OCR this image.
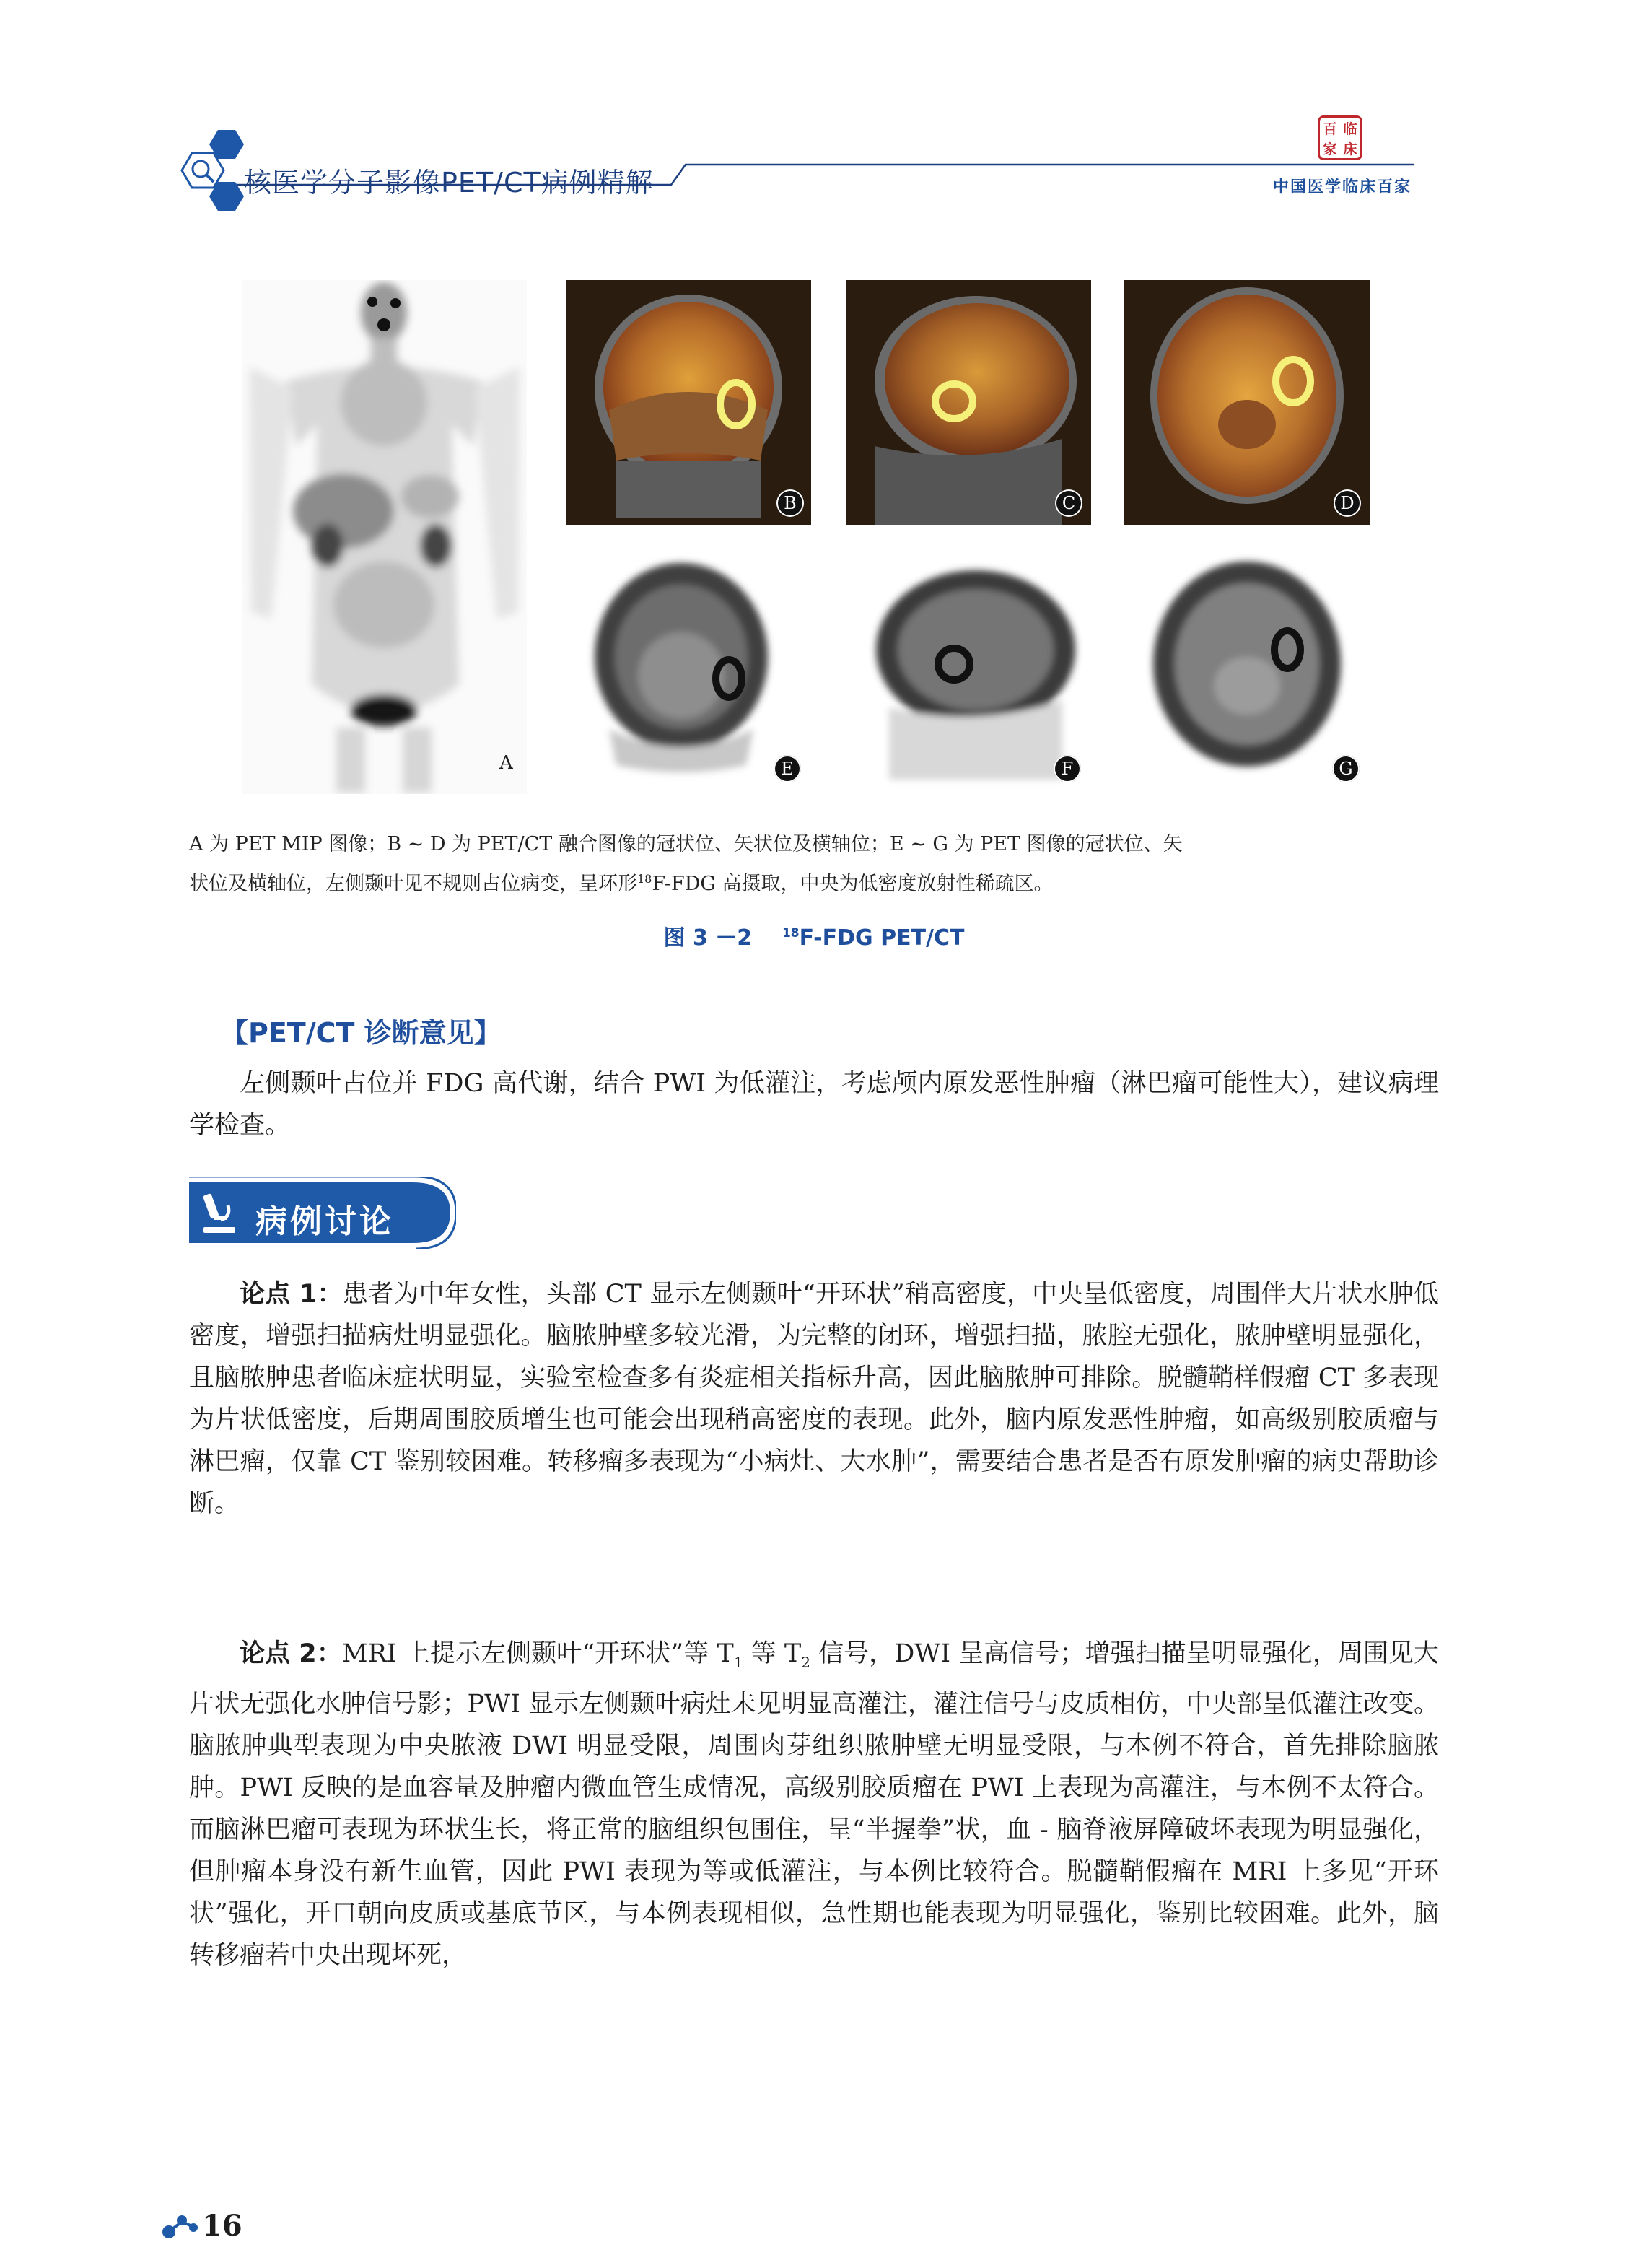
核医学分子影像PET/CT病例精解
百 临
家 床
中国医学临床百家
A
B	C	D
E	F	G
A 为 PET MIP 图像；B ~ D 为 PET/CT 融合图像的冠状位、矢状位及横轴位；E ~ G 为 PET 图像的冠状位、矢
状位及横轴位，左侧颞叶见不规则占位病变，呈环形$^{18}$F-FDG 高摄取，中央为低密度放射性稀疏区。
图 3 －2 $^{18}$F-FDG PET/CT
【PET/CT 诊断意见】
左侧颞叶占位并 FDG 高代谢，结合 PWI 为低灌注，考虑颅内原发恶性肿瘤（淋巴瘤可能性大），建议病理学检查。
病例讨论
论点 1：患者为中年女性，头部 CT 显示左侧颞叶“开环状”稍高密度，中央呈低密度，周围伴大片状水肿低密度，增强扫描病灶明显强化。脑脓肿壁多较光滑，为完整的闭环，增强扫描，脓腔无强化，脓肿壁明显强化，且脑脓肿患者临床症状明显，实验室检查多有炎症相关指标升高，因此脑脓肿可排除。脱髓鞘样假瘤 CT 多表现为片状低密度，后期周围胶质增生也可能会出现稍高密度的表现。此外，脑内原发恶性肿瘤，如高级别胶质瘤与淋巴瘤，仅靠 CT 鉴别较困难。转移瘤多表现为“小病灶、大水肿”，需要结合患者是否有原发肿瘤的病史帮助诊断。
论点 2：MRI 上提示左侧颞叶“开环状”等 $T_1$ 等 $T_2$ 信号，DWI 呈高信号；增强扫描呈明显强化，周围见大片状无强化水肿信号影；PWI 显示左侧颞叶病灶未见明显高灌注，灌注信号与皮质相仿，中央部呈低灌注改变。脑脓肿典型表现为中央脓液 DWI 明显受限，周围肉芽组织脓肿壁无明显受限，与本例不符合，首先排除脑脓肿。PWI 反映的是血容量及肿瘤内微血管生成情况，高级别胶质瘤在 PWI 上表现为高灌注，与本例不太符合。而脑淋巴瘤可表现为环状生长，将正常的脑组织包围住，呈“半握拳”状，血 - 脑脊液屏障破坏表现为明显强化，但肿瘤本身没有新生血管，因此 PWI 表现为等或低灌注，与本例比较符合。脱髓鞘假瘤在 MRI 上多见“开环状”强化，开口朝向皮质或基底节区，与本例表现相似，急性期也能表现为明显强化，鉴别比较困难。此外，脑转移瘤若中央出现坏死，
16
